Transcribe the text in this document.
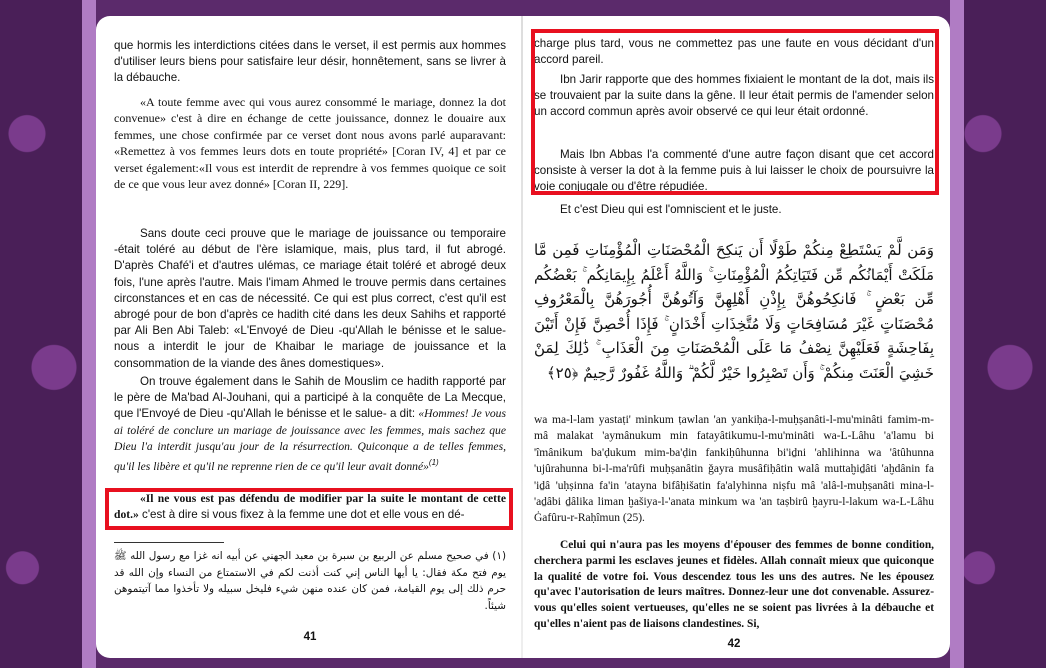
que hormis les interdictions citées dans le verset, il est permis aux hommes d'utiliser leurs biens pour satisfaire leur désir, honnêtement, sans se livrer à la débauche.

«A toute femme avec qui vous aurez consommé le mariage, donnez la dot convenue» c'est à dire en échange de cette jouissance, donnez le douaire aux femmes, une chose confirmée par ce verset dont nous avons parlé auparavant: «Remettez à vos femmes leurs dots en toute propriété» [Coran IV, 4] et par ce verset également:«Il vous est interdit de reprendre à vos femmes quoique ce soit de ce que vous leur avez donné» [Coran II, 229].

Sans doute ceci prouve que le mariage de jouissance ou temporaire -était toléré au début de l'ère islamique, mais, plus tard, il fut abrogé. D'après Chafé'i et d'autres ulémas, ce mariage était toléré et abrogé deux fois, l'une après l'autre. Mais l'imam Ahmed le trouve permis dans certaines circonstances et en cas de nécessité. Ce qui est plus correct, c'est qu'il est abrogé pour de bon d'après ce hadith cité dans les deux Sahihs et rapporté par Ali Ben Abi Taleb: «L'Envoyé de Dieu -qu'Allah le bénisse et le salue- nous a interdit le jour de Khaibar le mariage de jouissance et la consommation de la viande des ânes domestiques».

On trouve également dans le Sahih de Mouslim ce hadith rapporté par le père de Ma'bad Al-Jouhani, qui a participé à la conquête de La Mecque, que l'Envoyé de Dieu -qu'Allah le bénisse et le salue- a dit: «Hommes! Je vous ai toléré de conclure un mariage de jouissance avec les femmes, mais sachez que Dieu l'a interdit jusqu'au jour de la résurrection. Quiconque a de telles femmes, qu'il les libère et qu'il ne reprenne rien de ce qu'il leur avait donné»$^{(1)}$

«Il ne vous est pas défendu de modifier par la suite le montant de cette dot.» c'est à dire si vous fixez à la femme une dot et elle vous en dé-

(١) في صحيح مسلم عن الربيع بن سبرة بن معبد الجهني عن أبيه انه غزا مع رسول الله ﷺ يوم فتح مكة فقال: يا أيها الناس إني كنت أذنت لكم في الاستمتاع من النساء وإن الله قد حرم ذلك إلى يوم القيامة، فمن كان عنده منهن شيء فليخل سبيله ولا تأخذوا مما آتيتموهن شيئاً.

41

charge plus tard, vous ne commettez pas une faute en vous décidant d'un accord pareil.

Ibn Jarir rapporte que des hommes fixiaient le montant de la dot, mais ils se trouvaient par la suite dans la gêne. Il leur était permis de l'amender selon un accord commun après avoir observé ce qui leur était ordonné.

Mais Ibn Abbas l'a commenté d'une autre façon disant que cet accord consiste à verser la dot à la femme puis à lui laisser le choix de poursuivre la voie conjugale ou d'être répudiée.

Et c'est Dieu qui est l'omniscient et le juste.

وَمَن لَّمْ يَسْتَطِعْ مِنكُمْ طَوْلًا أَن يَنكِحَ الْمُحْصَنَاتِ الْمُؤْمِنَاتِ فَمِن مَّا مَلَكَتْ أَيْمَانُكُم مِّن فَتَيَاتِكُمُ الْمُؤْمِنَاتِ ۚ وَاللَّهُ أَعْلَمُ بِإِيمَانِكُم ۚ بَعْضُكُم مِّن بَعْضٍ ۚ فَانكِحُوهُنَّ بِإِذْنِ أَهْلِهِنَّ وَآتُوهُنَّ أُجُورَهُنَّ بِالْمَعْرُوفِ مُحْصَنَاتٍ غَيْرَ مُسَافِحَاتٍ وَلَا مُتَّخِذَاتِ أَخْدَانٍ ۚ فَإِذَا أُحْصِنَّ فَإِنْ أَتَيْنَ بِفَاحِشَةٍ فَعَلَيْهِنَّ نِصْفُ مَا عَلَى الْمُحْصَنَاتِ مِنَ الْعَذَابِ ۚ ذَٰلِكَ لِمَنْ خَشِيَ الْعَنَتَ مِنكُمْ ۚ وَأَن تَصْبِرُوا خَيْرٌ لَّكُمْ ۗ وَاللَّهُ غَفُورٌ رَّحِيمٌ ﴿٢٥﴾

wa ma-l-lam yastaṭi' minkum ṭawlan 'an yankiḥa-l-muḥṣanâti-l-mu'minâti famim-m-mâ malakat 'aymânukum min fatayâtikumu-l-mu'minâti wa-L-Lâhu 'a'lamu bi 'îmânikum ba'ḍukum mim-ba'ḍin fankiḥûhunna bi'iḏni 'ahlihinna wa 'âtûhunna 'ujûrahunna bi-l-ma'rûfi muḥṣanâtin ǧayra musâfiḥâtin walâ muttaḫiḏâti 'aḫdânin fa 'iḏâ 'uḥṣinna fa'in 'atayna bifâḥišatin fa'alyhinna niṣfu mâ 'alâ-l-muḥṣanâti mina-l-'aḏâbi ḏâlika liman ḫašiya-l-'anata minkum wa 'an taṣbirû ḫayru-l-lakum wa-L-Lâhu Ġafûru-r-Raḥîmun (25).

Celui qui n'aura pas les moyens d'épouser des femmes de bonne condition, cherchera parmi les esclaves jeunes et fidèles. Allah connaît mieux que quiconque la qualité de votre foi. Vous descendez tous les uns des autres. Ne les épousez qu'avec l'autorisation de leurs maîtres. Donnez-leur une dot convenable. Assurez-vous qu'elles soient vertueuses, qu'elles ne se soient pas livrées à la débauche et qu'elles n'aient pas de liaisons clandestines. Si,

42
